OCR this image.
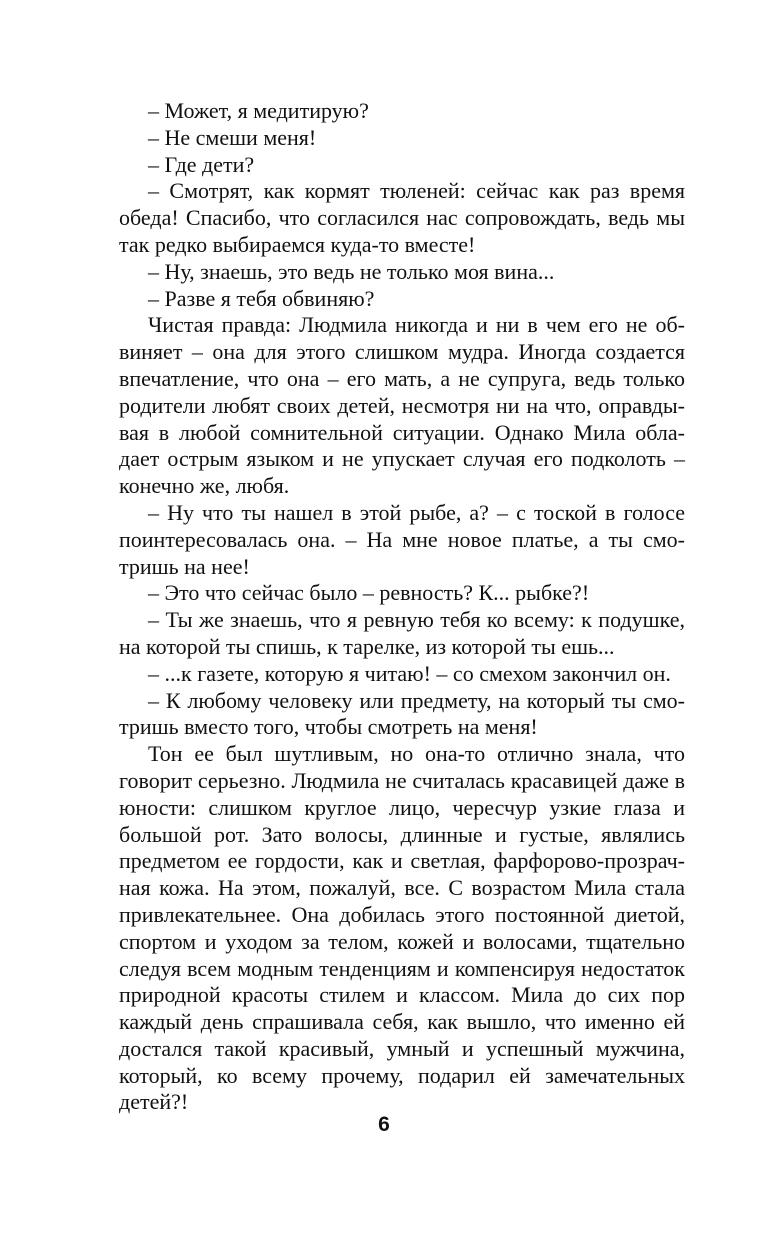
– Может, я медитирую?

– Не смеши меня!

– Где дети?

– Смотрят, как кормят тюленей: сейчас как раз время обеда! Спасибо, что согласился нас сопровождать, ведь мы так редко выбираемся куда-то вместе!

– Ну, знаешь, это ведь не только моя вина...

– Разве я тебя обвиняю?

Чистая правда: Людмила никогда и ни в чем его не обвиняет – она для этого слишком мудра. Иногда создается впечатление, что она – его мать, а не супруга, ведь только родители любят своих детей, несмотря ни на что, оправдывая в любой сомнительной ситуации. Однако Мила обладает острым языком и не упускает случая его подколоть – конечно же, любя.

– Ну что ты нашел в этой рыбе, а? – с тоской в голосе поинтересовалась она. – На мне новое платье, а ты смотришь на нее!

– Это что сейчас было – ревность? К... рыбке?!

– Ты же знаешь, что я ревную тебя ко всему: к подушке, на которой ты спишь, к тарелке, из которой ты ешь...

– ...к газете, которую я читаю! – со смехом закончил он.

– К любому человеку или предмету, на который ты смотришь вместо того, чтобы смотреть на меня!

Тон ее был шутливым, но она-то отлично знала, что говорит серьезно. Людмила не считалась красавицей даже в юности: слишком круглое лицо, чересчур узкие глаза и большой рот. Зато волосы, длинные и густые, являлись предметом ее гордости, как и светлая, фарфорово-прозрачная кожа. На этом, пожалуй, все. С возрастом Мила стала привлекательнее. Она добилась этого постоянной диетой, спортом и уходом за телом, кожей и волосами, тщательно следуя всем модным тенденциям и компенсируя недостаток природной красоты стилем и классом. Мила до сих пор каждый день спрашивала себя, как вышло, что именно ей достался такой красивый, умный и успешный мужчина, который, ко всему прочему, подарил ей замечательных детей?!

6
